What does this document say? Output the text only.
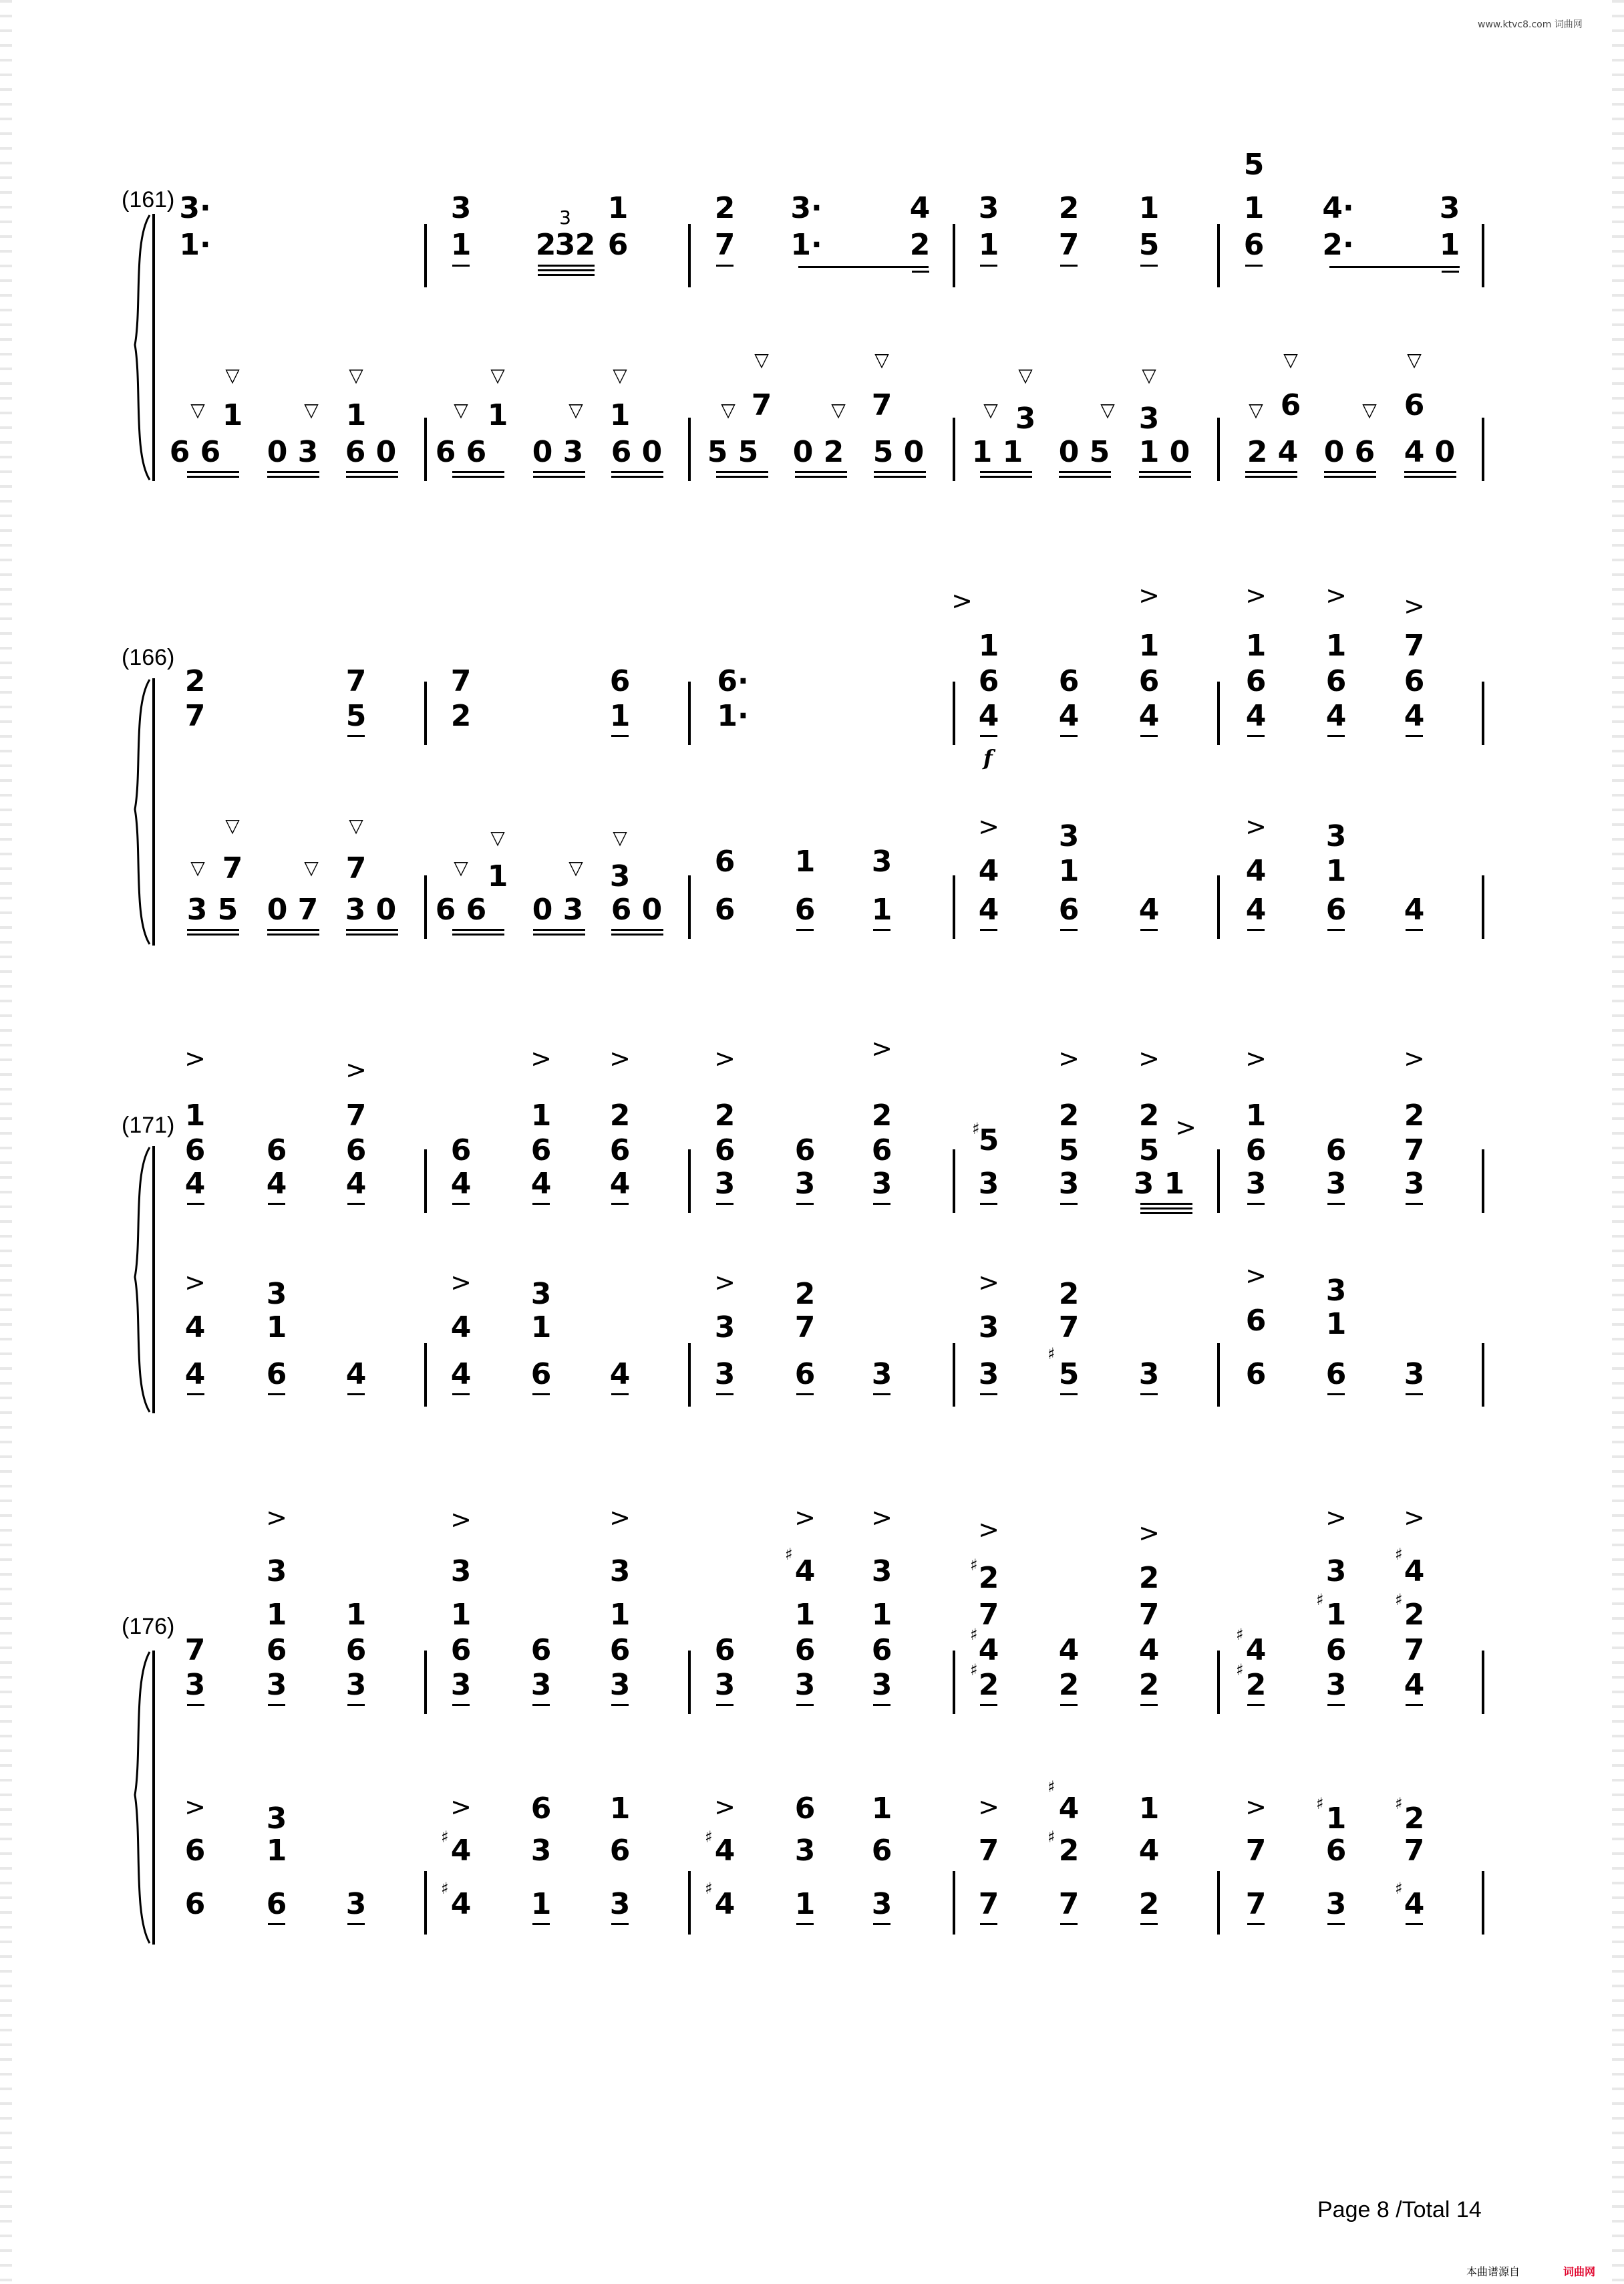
www.ktvc8.com 词曲网
(161) 3·
1·
3
1 2
3 2
3 1
6
2
7
3·
1·
4
2
3
1
2
7
1
5
5
1
6
4·
2·
3
1
▽
▽ 1
▽
▽ 1
6 6 0 3 6 0
▽
▽ 1
▽
▽ 1
6 6 0 3 6 0
▽
▽ 7
▽
▽ 7
5 5 0 2 5 0
▽
▽ 3
▽
▽ 3
1 1 0 5 1 0
▽
▽ 6
▽
▽ 6
2 4 0 6 4 0
(166)
2
7
7
5
7
2
6
1
6·
1·
>
1
6
4
f
6
4
>
1
6
4
>
1
6
4
>
1
6
4
>
7
6
4
▽
▽ 7
▽
▽ 7
3 5 0 7 3 0
▽
▽ 1
▽
▽ 3
6 6 0 3 6 0
6 1 3
6 6 1
>
4
3
1
4 6 4
>
4
3
1
4 6 4
(171)
>
1
6
4
6
4
>
7
6
4
6
4
>
1
6
4
>
2
6
4
>
2
6
3
6
3
>
2
6
3
♯
5
3
>
2
5
3
>
2
5
>
3 1
>
1
6
3
6
3
>
2
7
3
>
4
3
1
4 6 4
>
4
3
1
4 6 4
>
3
2
7
3 6 3
>
3
2
7
3
♯
5 3
>
6
3
1
6 6 3
(176)
7
3
>
3
1
6
3
1
6
3
>
3
1
6
3
6
3
>
3
1
6
3
6
3
>
♯ 4
1
6
3
>
3
1
6
3
>
♯ 2
7
♯ 4
♯ 2
4
2
>
2
7
4
2
♯ 4
♯ 2
>
3
♯ 1
6
3
>
♯ 4
♯ 2
7
4
>
6
3
1
6 6 3
>
♯ 4
6
3
1
6
♯ 4 1 3
>
♯ 4
6
3
1
6
♯ 4 1 3
>
7
♯
4
♯ 2
1
4
7 7 2
>
7
♯ 1
6
♯ 2
7
7 3	♯ 4
Page 8 /Total 14
本曲谱源自	词曲网
